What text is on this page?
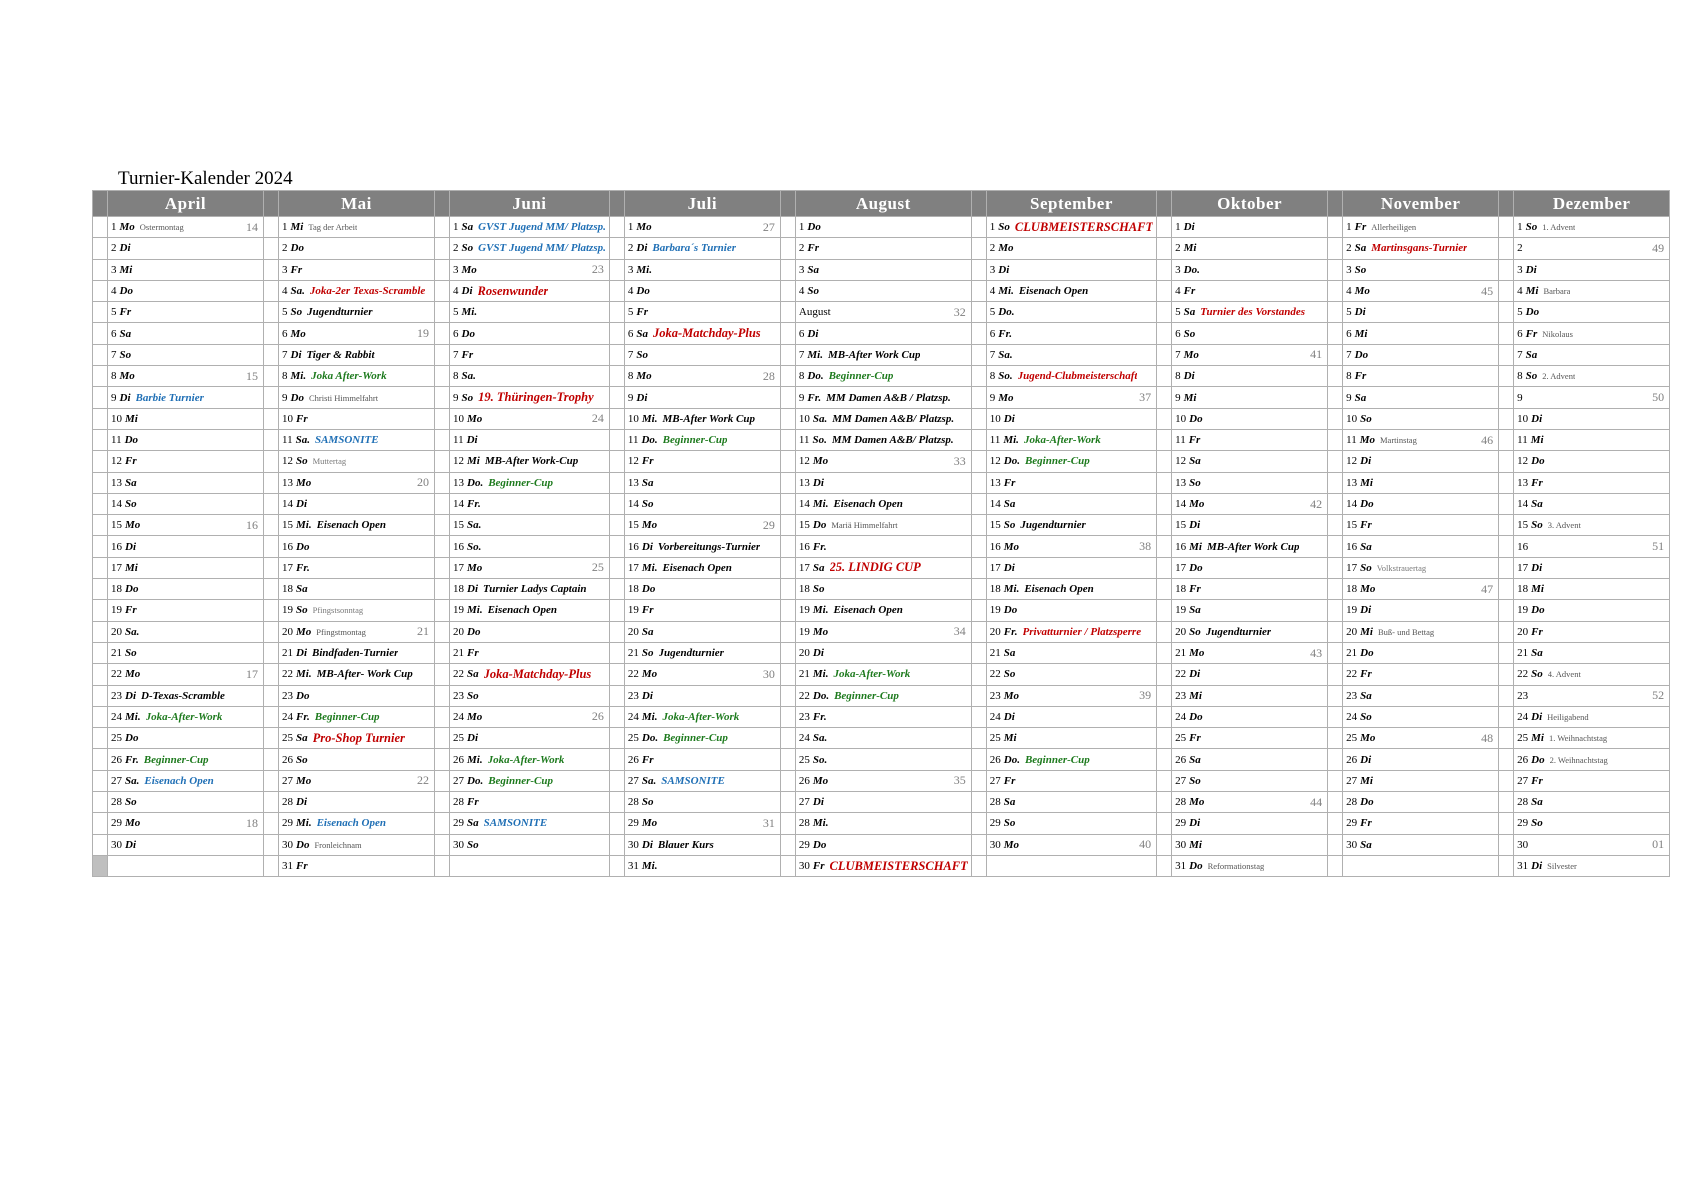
Turnier-Kalender 2024
	April		Mai		Juni		Juli		August		September		Oktober		November		Dezember

	1 Mo Ostermontag 14		1 Mi Tag der Arbeit		1 Sa GVST Jugend MM/ Platzsp.		1 Mo 27		1 Do		1 So CLUBMEISTERSCHAFT		1 Di		1 Fr Allerheiligen		1 So 1. Advent

	2 Di		2 Do		2 So GVST Jugend MM/ Platzsp.		2 Di Barbara´s Turnier		2 Fr		2 Mo		2 Mi		2 Sa Martinsgans-Turnier		2 49

	3 Mi		3 Fr		3 Mo 23		3 Mi.		3 Sa		3 Di		3 Do.		3 So		3 Di

	4 Do		4 Sa. Joka-2er Texas-Scramble		4 Di Rosenwunder		4 Do		4 So		4 Mi. Eisenach Open		4 Fr		4 Mo 45		4 Mi Barbara

	5 Fr		5 So Jugendturnier		5 Mi.		5 Fr		August 32		5 Do.		5 Sa Turnier des Vorstandes		5 Di		5 Do

	6 Sa		6 Mo 19		6 Do		6 Sa Joka-Matchday-Plus		6 Di		6 Fr.		6 So		6 Mi		6 Fr Nikolaus

	7 So		7 Di Tiger & Rabbit		7 Fr		7 So		7 Mi. MB-After Work Cup		7 Sa.		7 Mo 41		7 Do		7 Sa

	8 Mo 15		8 Mi. Joka After-Work		8 Sa.		8 Mo 28		8 Do. Beginner-Cup		8 So. Jugend-Clubmeisterschaft		8 Di		8 Fr		8 So 2. Advent

	9 Di Barbie Turnier		9 Do Christi Himmelfahrt		9 So 19. Thüringen-Trophy		9 Di		9 Fr. MM Damen A&B / Platzsp.		9 Mo 37		9 Mi		9 Sa		9 50

	10 Mi		10 Fr		10 Mo 24		10 Mi. MB-After Work Cup		10 Sa. MM Damen A&B/ Platzsp.		10 Di		10 Do		10 So		10 Di

	11 Do		11 Sa. SAMSONITE		11 Di		11 Do. Beginner-Cup		11 So. MM Damen A&B/ Platzsp.		11 Mi. Joka-After-Work		11 Fr		11 Mo Martinstag 46		11 Mi

	12 Fr		12 So Muttertag		12 Mi MB-After Work-Cup		12 Fr		12 Mo 33		12 Do. Beginner-Cup		12 Sa		12 Di		12 Do

	13 Sa		13 Mo 20		13 Do. Beginner-Cup		13 Sa		13 Di		13 Fr		13 So		13 Mi		13 Fr

	14 So		14 Di		14 Fr.		14 So		14 Mi. Eisenach Open		14 Sa		14 Mo 42		14 Do		14 Sa

	15 Mo 16		15 Mi. Eisenach Open		15 Sa.		15 Mo 29		15 Do Mariä Himmelfahrt		15 So Jugendturnier		15 Di		15 Fr		15 So 3. Advent

	16 Di		16 Do		16 So.		16 Di Vorbereitungs-Turnier		16 Fr.		16 Mo 38		16 Mi MB-After Work Cup		16 Sa		16 51

	17 Mi		17 Fr.		17 Mo 25		17 Mi. Eisenach Open		17 Sa 25. LINDIG CUP		17 Di		17 Do		17 So Volkstrauertag		17 Di

	18 Do		18 Sa		18 Di Turnier Ladys Captain		18 Do		18 So		18 Mi. Eisenach Open		18 Fr		18 Mo 47		18 Mi

	19 Fr		19 So Pfingstsonntag		19 Mi. Eisenach Open		19 Fr		19 Mi. Eisenach Open		19 Do		19 Sa		19 Di		19 Do

	20 Sa.		20 Mo Pfingstmontag 21		20 Do		20 Sa		19 Mo 34		20 Fr. Privatturnier / Platzsperre		20 So Jugendturnier		20 Mi Buß- und Bettag		20 Fr

	21 So		21 Di Bindfaden-Turnier		21 Fr		21 So Jugendturnier		20 Di		21 Sa		21 Mo 43		21 Do		21 Sa

	22 Mo 17		22 Mi. MB-After- Work Cup		22 Sa Joka-Matchday-Plus		22 Mo 30		21 Mi. Joka-After-Work		22 So		22 Di		22 Fr		22 So 4. Advent

	23 Di D-Texas-Scramble		23 Do		23 So		23 Di		22 Do. Beginner-Cup		23 Mo 39		23 Mi		23 Sa		23 52

	24 Mi. Joka-After-Work		24 Fr. Beginner-Cup		24 Mo 26		24 Mi. Joka-After-Work		23 Fr.		24 Di		24 Do		24 So		24 Di Heiligabend

	25 Do		25 Sa Pro-Shop Turnier		25 Di		25 Do. Beginner-Cup		24 Sa.		25 Mi		25 Fr		25 Mo 48		25 Mi 1. Weihnachtstag

	26 Fr. Beginner-Cup		26 So		26 Mi. Joka-After-Work		26 Fr		25 So.		26 Do. Beginner-Cup		26 Sa		26 Di		26 Do 2. Weihnachtstag

	27 Sa. Eisenach Open		27 Mo 22		27 Do. Beginner-Cup		27 Sa. SAMSONITE		26 Mo 35		27 Fr		27 So		27 Mi		27 Fr

	28 So		28 Di		28 Fr		28 So		27 Di		28 Sa		28 Mo 44		28 Do		28 Sa

	29 Mo 18		29 Mi. Eisenach Open		29 Sa SAMSONITE		29 Mo 31		28 Mi.		29 So		29 Di		29 Fr		29 So

	30 Di		30 Do Fronleichnam		30 So		30 Di Blauer Kurs		29 Do		30 Mo 40		30 Mi		30 Sa		30 01

			31 Fr				31 Mi.		30 Fr CLUBMEISTERSCHAFT				31 Do Reformationstag				31 Di Silvester
